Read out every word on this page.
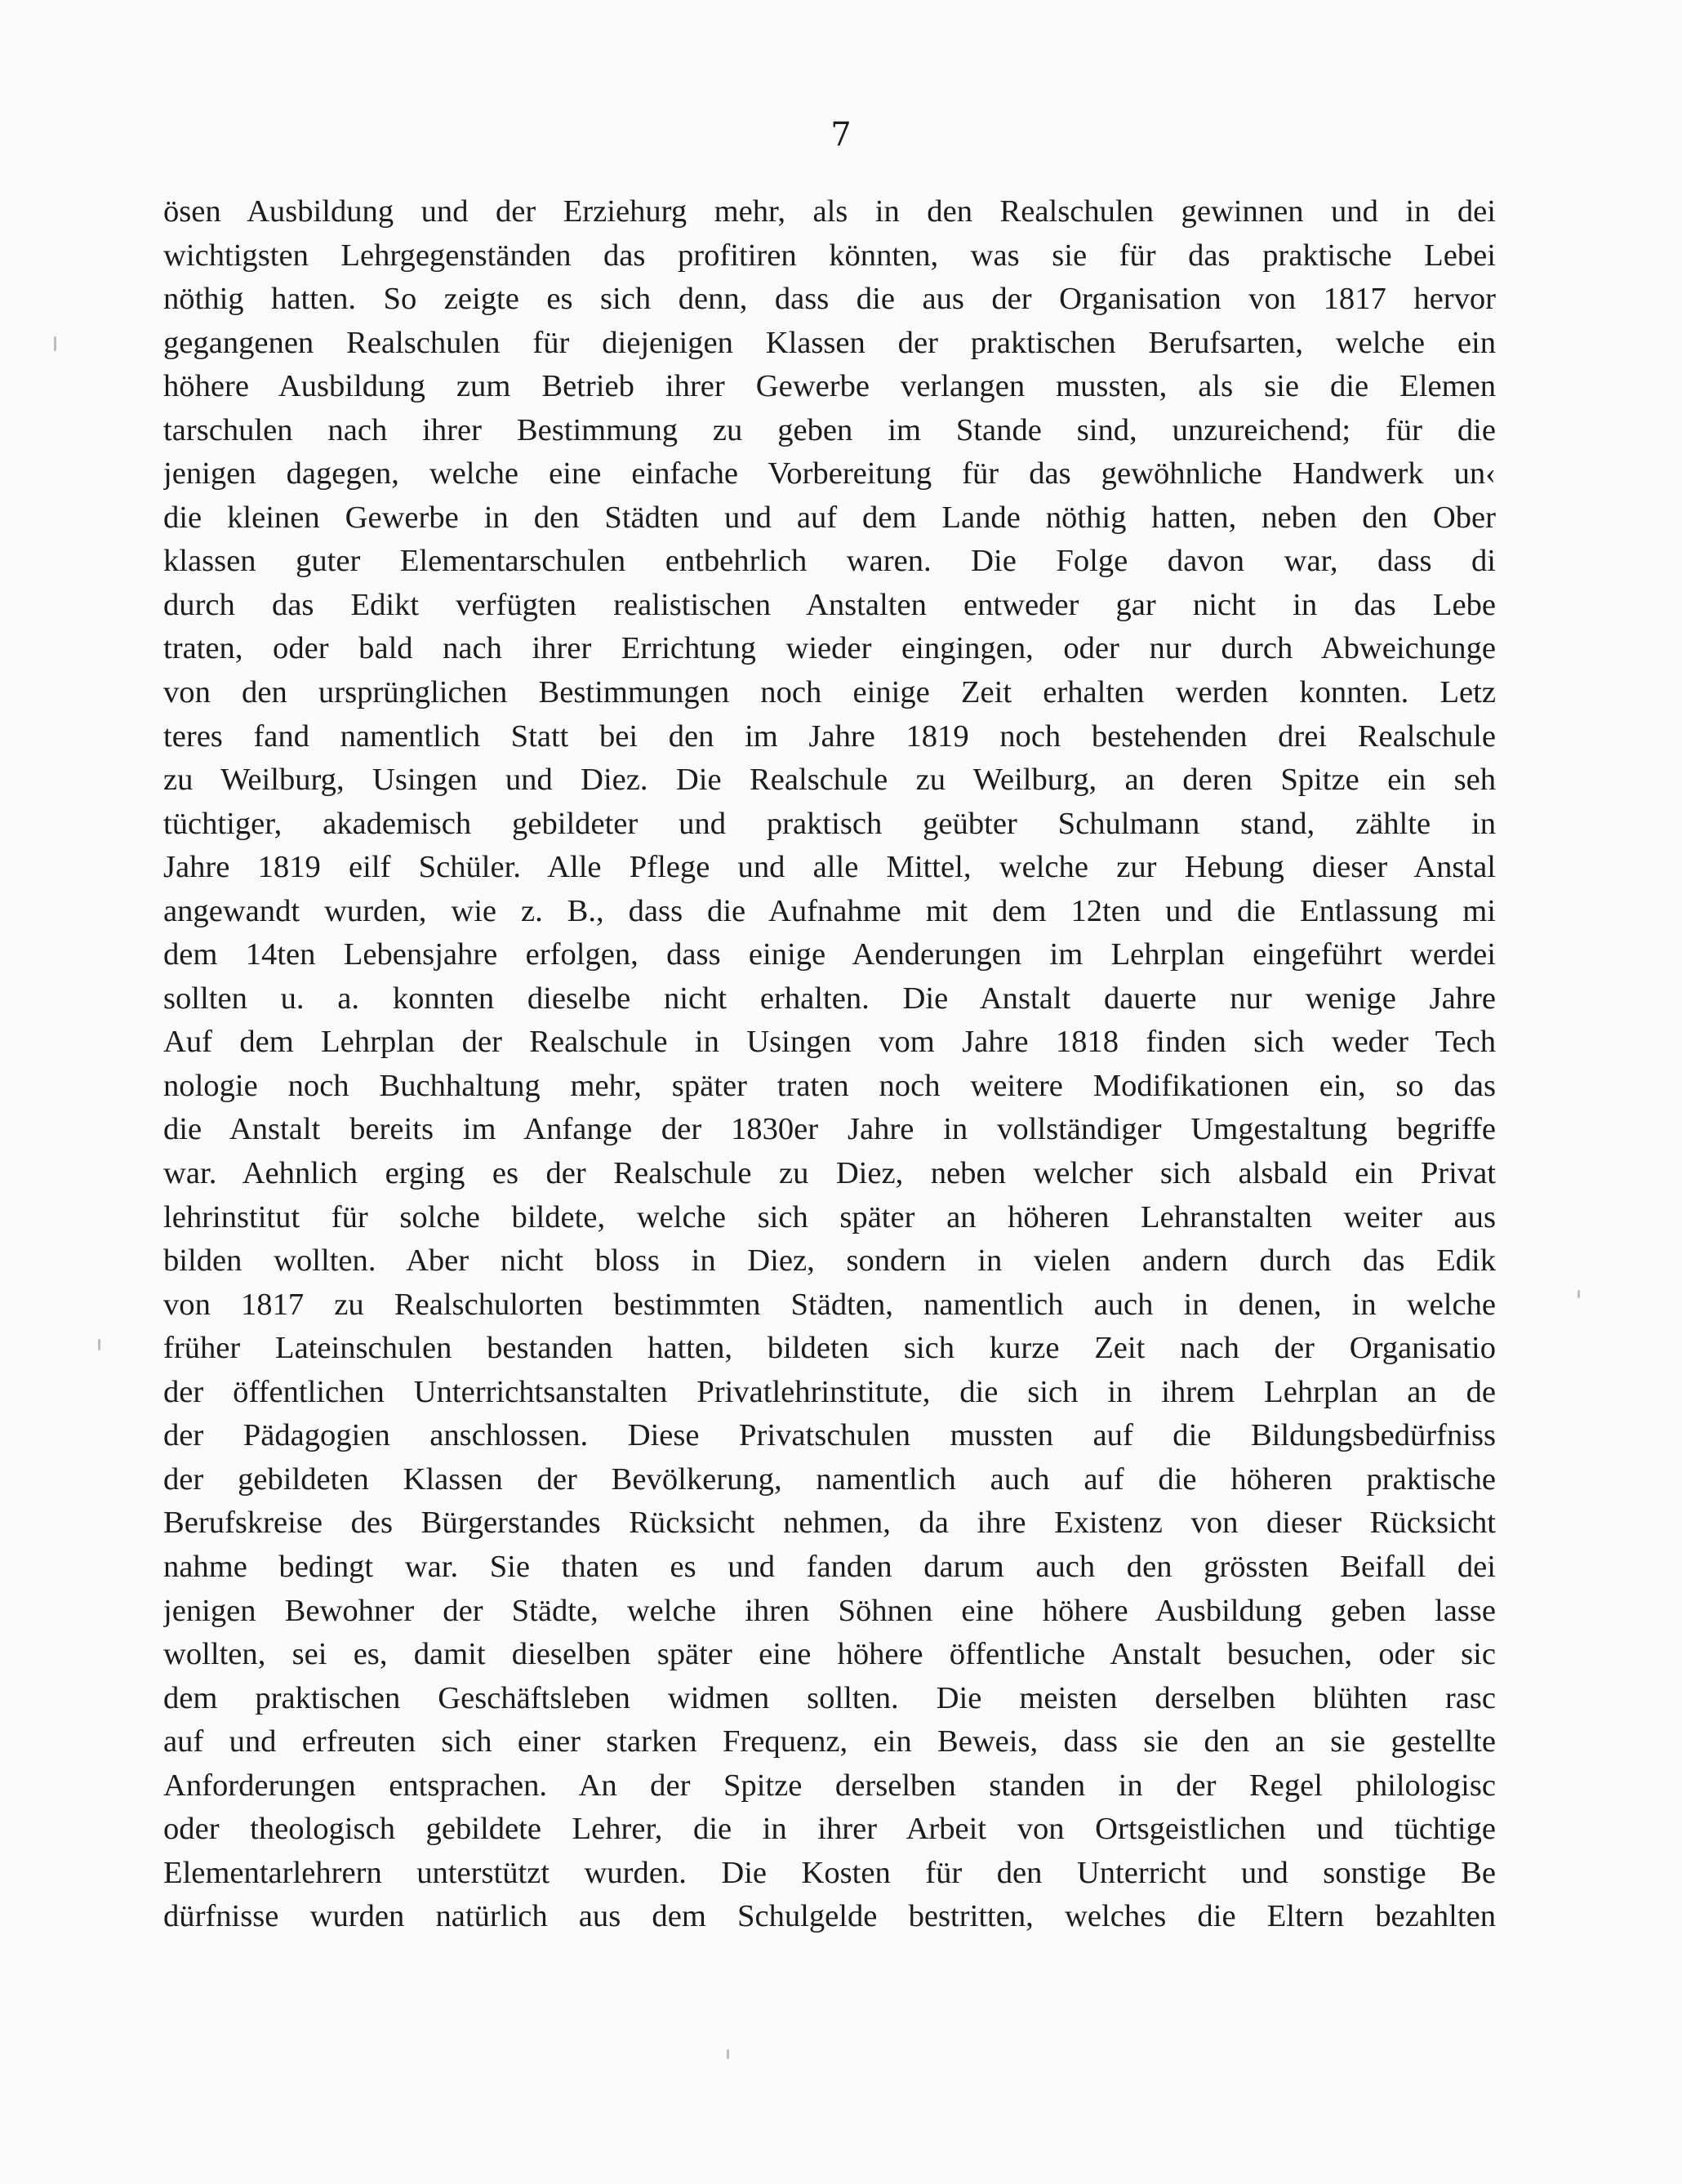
7
ösen Ausbildung und der Erziehurg mehr, als in den Realschulen gewinnen und in dei
wichtigsten Lehrgegenständen das profitiren könnten, was sie für das praktische Lebei
nöthig hatten. So zeigte es sich denn, dass die aus der Organisation von 1817 hervor
gegangenen Realschulen für diejenigen Klassen der praktischen Berufsarten, welche ein
höhere Ausbildung zum Betrieb ihrer Gewerbe verlangen mussten, als sie die Elemen
tarschulen nach ihrer Bestimmung zu geben im Stande sind, unzureichend; für die
jenigen dagegen, welche eine einfache Vorbereitung für das gewöhnliche Handwerk un‹
die kleinen Gewerbe in den Städten und auf dem Lande nöthig hatten, neben den Ober
klassen guter Elementarschulen entbehrlich waren. Die Folge davon war, dass di
durch das Edikt verfügten realistischen Anstalten entweder gar nicht in das Lebe
traten, oder bald nach ihrer Errichtung wieder eingingen, oder nur durch Abweichunge
von den ursprünglichen Bestimmungen noch einige Zeit erhalten werden konnten. Letz
teres fand namentlich Statt bei den im Jahre 1819 noch bestehenden drei Realschule
zu Weilburg, Usingen und Diez. Die Realschule zu Weilburg, an deren Spitze ein seh
tüchtiger, akademisch gebildeter und praktisch geübter Schulmann stand, zählte in
Jahre 1819 eilf Schüler. Alle Pflege und alle Mittel, welche zur Hebung dieser Anstal
angewandt wurden, wie z. B., dass die Aufnahme mit dem 12ten und die Entlassung mi
dem 14ten Lebensjahre erfolgen, dass einige Aenderungen im Lehrplan eingeführt werdei
sollten u. a. konnten dieselbe nicht erhalten. Die Anstalt dauerte nur wenige Jahre
Auf dem Lehrplan der Realschule in Usingen vom Jahre 1818 finden sich weder Tech
nologie noch Buchhaltung mehr, später traten noch weitere Modifikationen ein, so das
die Anstalt bereits im Anfange der 1830er Jahre in vollständiger Umgestaltung begriffe
war. Aehnlich erging es der Realschule zu Diez, neben welcher sich alsbald ein Privat
lehrinstitut für solche bildete, welche sich später an höheren Lehranstalten weiter aus
bilden wollten. Aber nicht bloss in Diez, sondern in vielen andern durch das Edik
von 1817 zu Realschulorten bestimmten Städten, namentlich auch in denen, in welche
früher Lateinschulen bestanden hatten, bildeten sich kurze Zeit nach der Organisatio
der öffentlichen Unterrichtsanstalten Privatlehrinstitute, die sich in ihrem Lehrplan an de
der Pädagogien anschlossen. Diese Privatschulen mussten auf die Bildungsbedürfniss
der gebildeten Klassen der Bevölkerung, namentlich auch auf die höheren praktische
Berufskreise des Bürgerstandes Rücksicht nehmen, da ihre Existenz von dieser Rücksicht
nahme bedingt war. Sie thaten es und fanden darum auch den grössten Beifall dei
jenigen Bewohner der Städte, welche ihren Söhnen eine höhere Ausbildung geben lasse
wollten, sei es, damit dieselben später eine höhere öffentliche Anstalt besuchen, oder sic
dem praktischen Geschäftsleben widmen sollten. Die meisten derselben blühten rasc
auf und erfreuten sich einer starken Frequenz, ein Beweis, dass sie den an sie gestellte
Anforderungen entsprachen. An der Spitze derselben standen in der Regel philologisc
oder theologisch gebildete Lehrer, die in ihrer Arbeit von Ortsgeistlichen und tüchtige
Elementarlehrern unterstützt wurden. Die Kosten für den Unterricht und sonstige Be
dürfnisse wurden natürlich aus dem Schulgelde bestritten, welches die Eltern bezahlten
